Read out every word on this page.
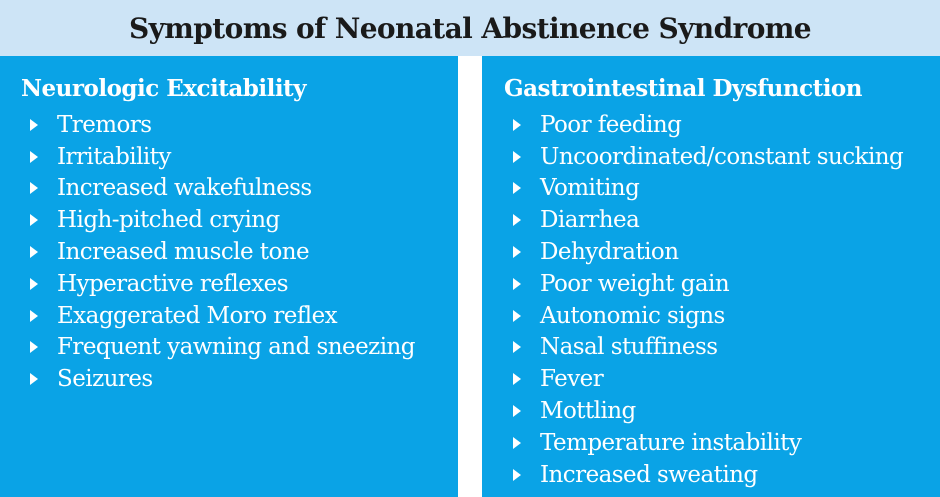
Symptoms of Neonatal Abstinence Syndrome
Neurologic Excitability
Tremors
Irritability
Increased wakefulness
High-pitched crying
Increased muscle tone
Hyperactive reflexes
Exaggerated Moro reflex
Frequent yawning and sneezing
Seizures
Gastrointestinal Dysfunction
Poor feeding
Uncoordinated/constant sucking
Vomiting
Diarrhea
Dehydration
Poor weight gain
Autonomic signs
Nasal stuffiness
Fever
Mottling
Temperature instability
Increased sweating
